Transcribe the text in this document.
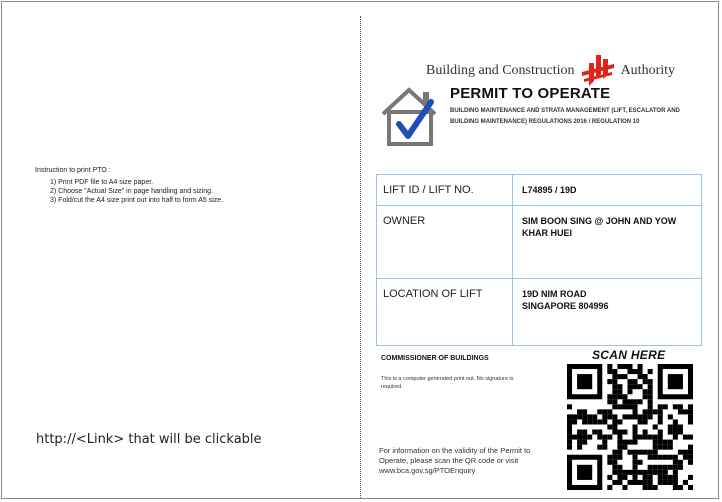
Instruction to print PTO :
1) Print PDF file to A4 size paper.
2) Choose "Actual Size" in page handling and sizing.
3) Fold/cut the A4 size print out into half to form A5 size.
http://<Link> that will be clickable
Building and Construction	Authority
PERMIT TO OPERATE
BUILDING MAINTENANCE AND STRATA MANAGEMENT (LIFT, ESCALATOR AND BUILDING MAINTENANCE) REGULATIONS 2016 \ REGULATION 10
LIFT ID / LIFT NO.	L74895 / 19D
OWNER	SIM BOON SING @ JOHN AND YOW KHAR HUEI
LOCATION OF LIFT	19D NIM ROAD
SINGAPORE 804996
COMMISSIONER OF BUILDINGS
This is a computer generated print out. No signature is required.
For information on the validity of the Permit to Operate, please scan the QR code or visit www.bca.gov.sg/PTOEnquiry
SCAN HERE
